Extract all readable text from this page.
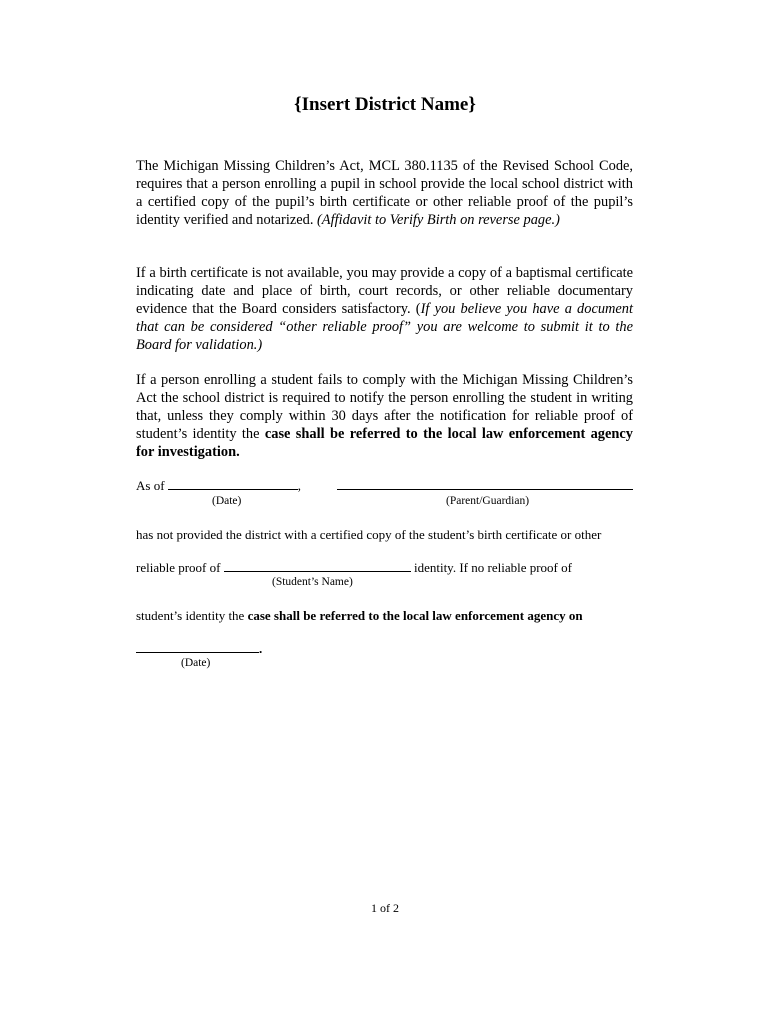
{Insert District Name}

The Michigan Missing Children’s Act, MCL 380.1135 of the Revised School Code, requires that a person enrolling a pupil in school provide the local school district with a certified copy of the pupil’s birth certificate or other reliable proof of the pupil’s identity verified and notarized. (Affidavit to Verify Birth on reverse page.)

If a birth certificate is not available, you may provide a copy of a baptismal certificate indicating date and place of birth, court records, or other reliable documentary evidence that the Board considers satisfactory. (If you believe you have a document that can be considered “other reliable proof” you are welcome to submit it to the Board for validation.)

If a person enrolling a student fails to comply with the Michigan Missing Children’s Act the school district is required to notify the person enrolling the student in writing that, unless they comply within 30 days after the notification for reliable proof of student’s identity the case shall be referred to the local law enforcement agency for investigation.

As of	,
(Date)	(Parent/Guardian)
has not provided the district with a certified copy of the student’s birth certificate or other
reliable proof of	identity. If no reliable proof of
(Student’s Name)
student’s identity the case shall be referred to the local law enforcement agency on
.
(Date)
1 of 2
